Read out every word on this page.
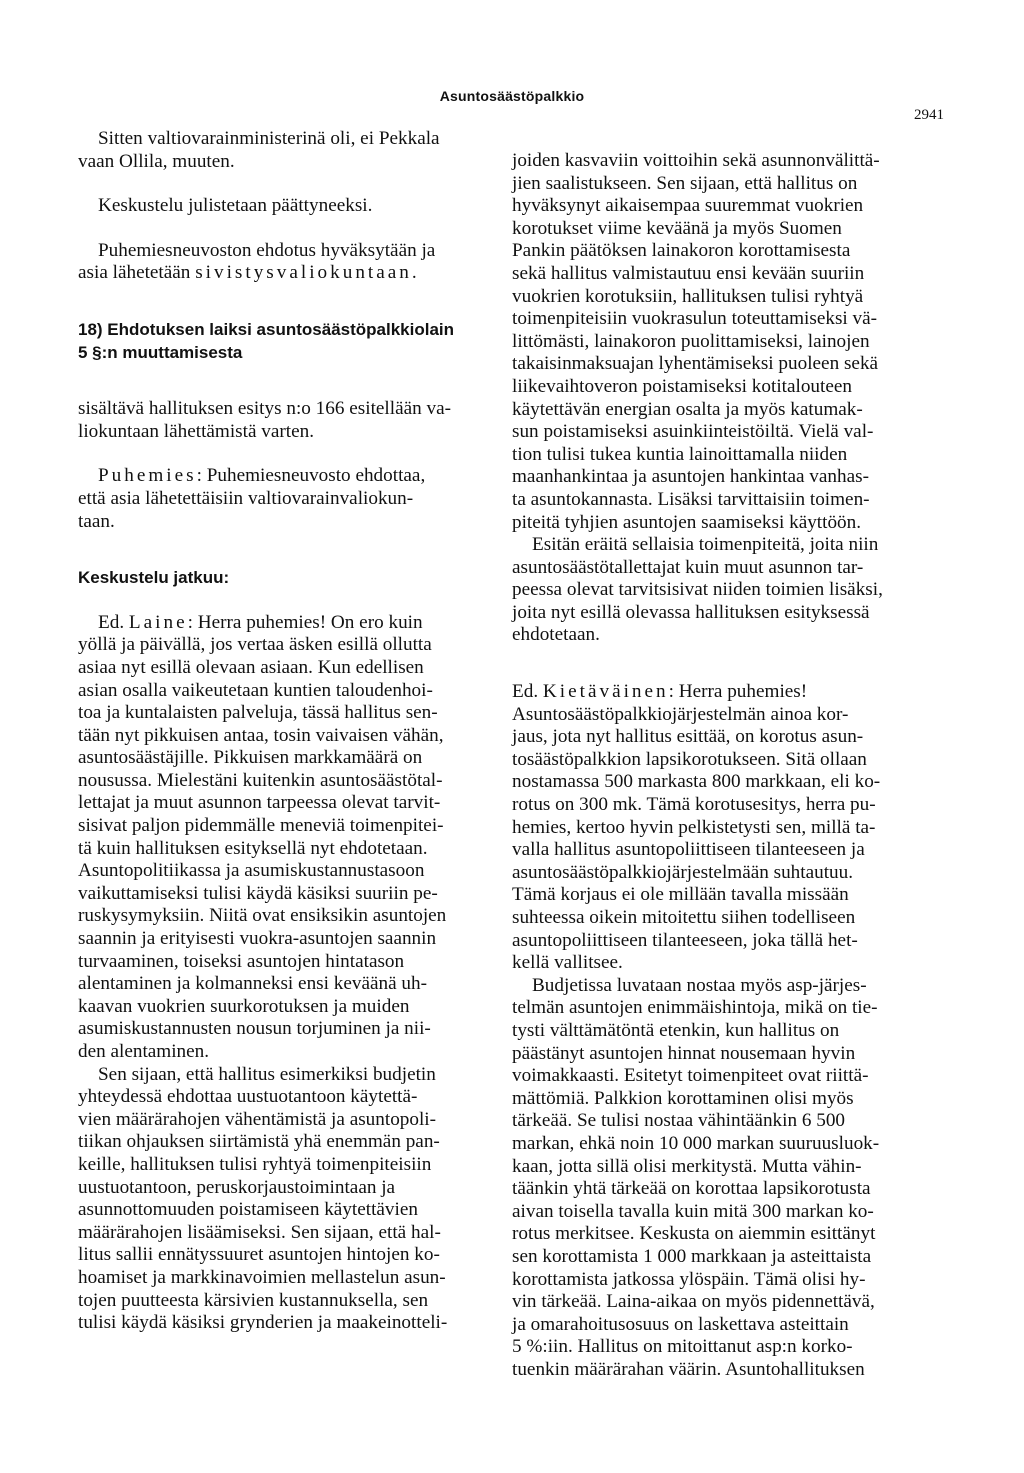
Asuntosäästöpalkkio
2941
Sitten valtiovarainministerinä oli, ei Pekkala
vaan Ollila, muuten.
Keskustelu julistetaan päättyneeksi.
Puhemiesneuvoston ehdotus hyväksytään ja
asia lähetetään sivistysvaliokuntaan.
18) Ehdotuksen laiksi asuntosäästöpalkkiolain
5 §:n muuttamisesta
sisältävä hallituksen esitys n:o 166 esitellään va-
liokuntaan lähettämistä varten.
Puhemies: Puhemiesneuvosto ehdottaa,
että asia lähetettäisiin valtiovarainvaliokun-
taan.
Keskustelu jatkuu:
Ed. Laine: Herra puhemies! On ero kuin
yöllä ja päivällä, jos vertaa äsken esillä ollutta
asiaa nyt esillä olevaan asiaan. Kun edellisen
asian osalla vaikeutetaan kuntien taloudenhoi-
toa ja kuntalaisten palveluja, tässä hallitus sen-
tään nyt pikkuisen antaa, tosin vaivaisen vähän,
asuntosäästäjille. Pikkuisen markkamäärä on
nousussa. Mielestäni kuitenkin asuntosäästötal-
lettajat ja muut asunnon tarpeessa olevat tarvit-
sisivat paljon pidemmälle meneviä toimenpitei-
tä kuin hallituksen esityksellä nyt ehdotetaan.
Asuntopolitiikassa ja asumiskustannustasoon
vaikuttamiseksi tulisi käydä käsiksi suuriin pe-
ruskysymyksiin. Niitä ovat ensiksikin asuntojen
saannin ja erityisesti vuokra-asuntojen saannin
turvaaminen, toiseksi asuntojen hintatason
alentaminen ja kolmanneksi ensi keväänä uh-
kaavan vuokrien suurkorotuksen ja muiden
asumiskustannusten nousun torjuminen ja nii-
den alentaminen.
Sen sijaan, että hallitus esimerkiksi budjetin
yhteydessä ehdottaa uustuotantoon käytettä-
vien määrärahojen vähentämistä ja asuntopoli-
tiikan ohjauksen siirtämistä yhä enemmän pan-
keille, hallituksen tulisi ryhtyä toimenpiteisiin
uustuotantoon, peruskorjaustoimintaan ja
asunnottomuuden poistamiseen käytettävien
määrärahojen lisäämiseksi. Sen sijaan, että hal-
litus sallii ennätyssuuret asuntojen hintojen ko-
hoamiset ja markkinavoimien mellastelun asun-
tojen puutteesta kärsivien kustannuksella, sen
tulisi käydä käsiksi grynderien ja maakeinotteli-
joiden kasvaviin voittoihin sekä asunnonvälittä-
jien saalistukseen. Sen sijaan, että hallitus on
hyväksynyt aikaisempaa suuremmat vuokrien
korotukset viime keväänä ja myös Suomen
Pankin päätöksen lainakoron korottamisesta
sekä hallitus valmistautuu ensi kevään suuriin
vuokrien korotuksiin, hallituksen tulisi ryhtyä
toimenpiteisiin vuokrasulun toteuttamiseksi vä-
littömästi, lainakoron puolittamiseksi, lainojen
takaisinmaksuajan lyhentämiseksi puoleen sekä
liikevaihtoveron poistamiseksi kotitalouteen
käytettävän energian osalta ja myös katumak-
sun poistamiseksi asuinkiinteistöiltä. Vielä val-
tion tulisi tukea kuntia lainoittamalla niiden
maanhankintaa ja asuntojen hankintaa vanhas-
ta asuntokannasta. Lisäksi tarvittaisiin toimen-
piteitä tyhjien asuntojen saamiseksi käyttöön.
Esitän eräitä sellaisia toimenpiteitä, joita niin
asuntosäästötallettajat kuin muut asunnon tar-
peessa olevat tarvitsisivat niiden toimien lisäksi,
joita nyt esillä olevassa hallituksen esityksessä
ehdotetaan.
Ed. Kietäväinen: Herra puhemies!
Asuntosäästöpalkkiojärjestelmän ainoa kor-
jaus, jota nyt hallitus esittää, on korotus asun-
tosäästöpalkkion lapsikorotukseen. Sitä ollaan
nostamassa 500 markasta 800 markkaan, eli ko-
rotus on 300 mk. Tämä korotusesitys, herra pu-
hemies, kertoo hyvin pelkistetysti sen, millä ta-
valla hallitus asuntopoliittiseen tilanteeseen ja
asuntosäästöpalkkiojärjestelmään suhtautuu.
Tämä korjaus ei ole millään tavalla missään
suhteessa oikein mitoitettu siihen todelliseen
asuntopoliittiseen tilanteeseen, joka tällä het-
kellä vallitsee.
Budjetissa luvataan nostaa myös asp-järjes-
telmän asuntojen enimmäishintoja, mikä on tie-
tysti välttämätöntä etenkin, kun hallitus on
päästänyt asuntojen hinnat nousemaan hyvin
voimakkaasti. Esitetyt toimenpiteet ovat riittä-
mättömiä. Palkkion korottaminen olisi myös
tärkeää. Se tulisi nostaa vähintäänkin 6 500
markan, ehkä noin 10 000 markan suuruusluok-
kaan, jotta sillä olisi merkitystä. Mutta vähin-
täänkin yhtä tärkeää on korottaa lapsikorotusta
aivan toisella tavalla kuin mitä 300 markan ko-
rotus merkitsee. Keskusta on aiemmin esittänyt
sen korottamista 1 000 markkaan ja asteittaista
korottamista jatkossa ylöspäin. Tämä olisi hy-
vin tärkeää. Laina-aikaa on myös pidennettävä,
ja omarahoitusosuus on laskettava asteittain
5 %:iin. Hallitus on mitoittanut asp:n korko-
tuenkin määrärahan väärin. Asuntohallituksen
